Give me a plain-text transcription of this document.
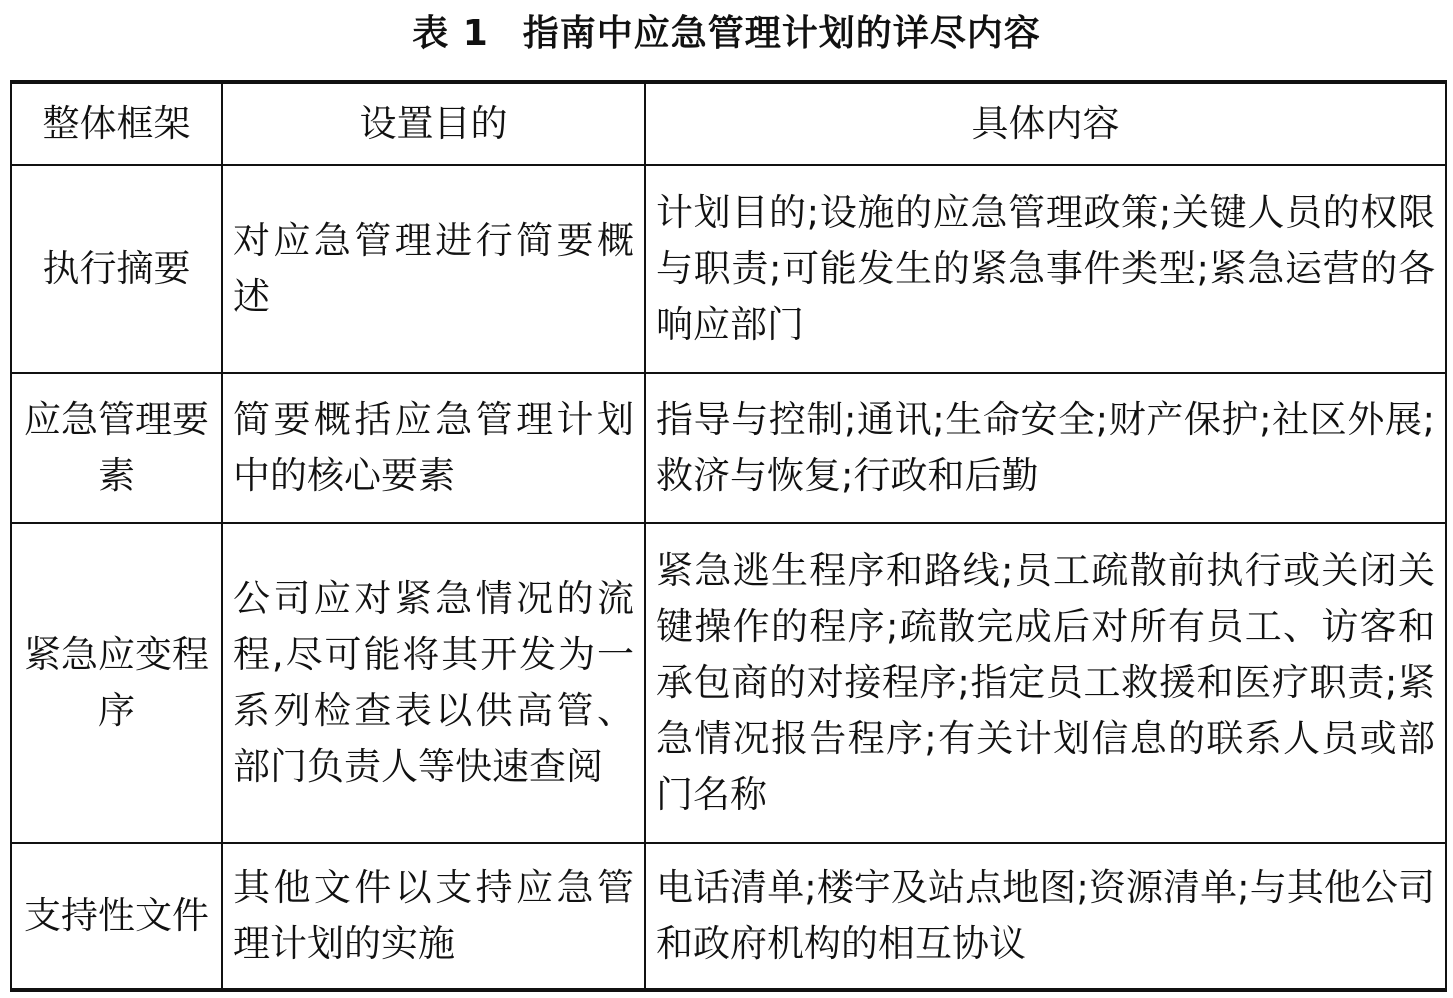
表 1 指南中应急管理计划的详尽内容
整体框架	设置目的	具体内容
执行摘要	对应急管理进行简要概述	计划目的;设施的应急管理政策;关键人员的权限与职责;可能发生的紧急事件类型;紧急运营的各响应部门
应急管理要素	简要概括应急管理计划中的核心要素	指导与控制;通讯;生命安全;财产保护;社区外展;救济与恢复;行政和后勤
紧急应变程序	公司应对紧急情况的流程,尽可能将其开发为一系列检查表以供高管、部门负责人等快速查阅	紧急逃生程序和路线;员工疏散前执行或关闭关键操作的程序;疏散完成后对所有员工、访客和承包商的对接程序;指定员工救援和医疗职责;紧急情况报告程序;有关计划信息的联系人员或部门名称
支持性文件	其他文件以支持应急管理计划的实施	电话清单;楼宇及站点地图;资源清单;与其他公司和政府机构的相互协议
